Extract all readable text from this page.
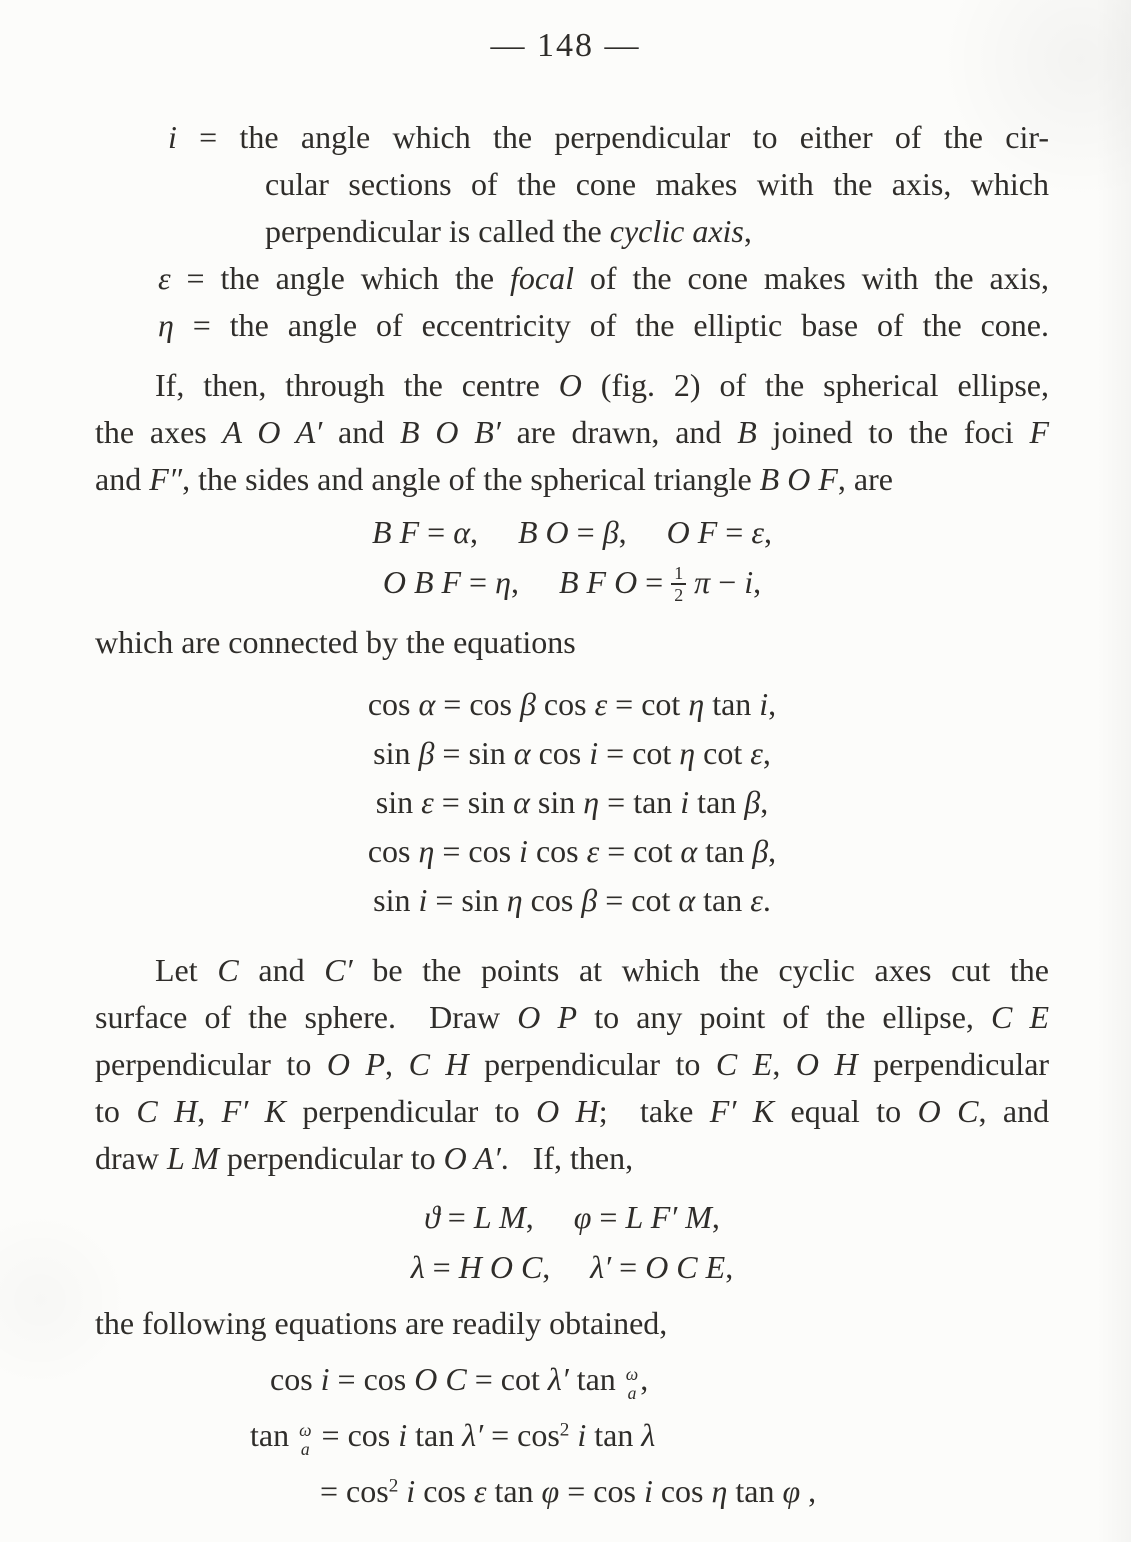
— 148 —
i = the angle which the perpendicular to either of the cir-
cular sections of the cone makes with the axis, which
perpendicular is called the cyclic axis,
ε = the angle which the focal of the cone makes with the axis,
η = the angle of eccentricity of the elliptic base of the cone.
If, then, through the centre O (fig. 2) of the spherical ellipse,
the axes A O A′ and B O B′ are drawn, and B joined to the foci F
and F″, the sides and angle of the spherical triangle B O F, are
B F = α,  B O = β,  O F = ε,
O B F = η,  B F $O = \frac{1}{2}$ π − i,
which are connected by the equations
cos α = cos β cos ε = cot η tan i,
sin β = sin α cos i = cot η cot ε,
sin ε = sin α sin η = tan i tan β,
cos η = cos i cos ε = cot α tan β,
sin i = sin η cos β = cot α tan ε.
Let C and C′ be the points at which the cyclic axes cut the
surface of the sphere.  Draw O P to any point of the ellipse, C E
perpendicular to O P, C H perpendicular to C E, O H perpendicular
to C H, F′ K perpendicular to O H;  take F′ K equal to O C, and
draw L M perpendicular to O A′.  If, then,
ϑ = L M,  φ = L F′ M,
λ = H O C,  λ′ = O C E,
the following equations are readily obtained,
cos i = cos O C = cot λ′ tan ω
a ,
tan ω
a = cos i $\tan \lambda' = \cos^2 i$ tan λ
= $\cos^2 i$ cos ε tan φ = cos i cos η tan φ ,
